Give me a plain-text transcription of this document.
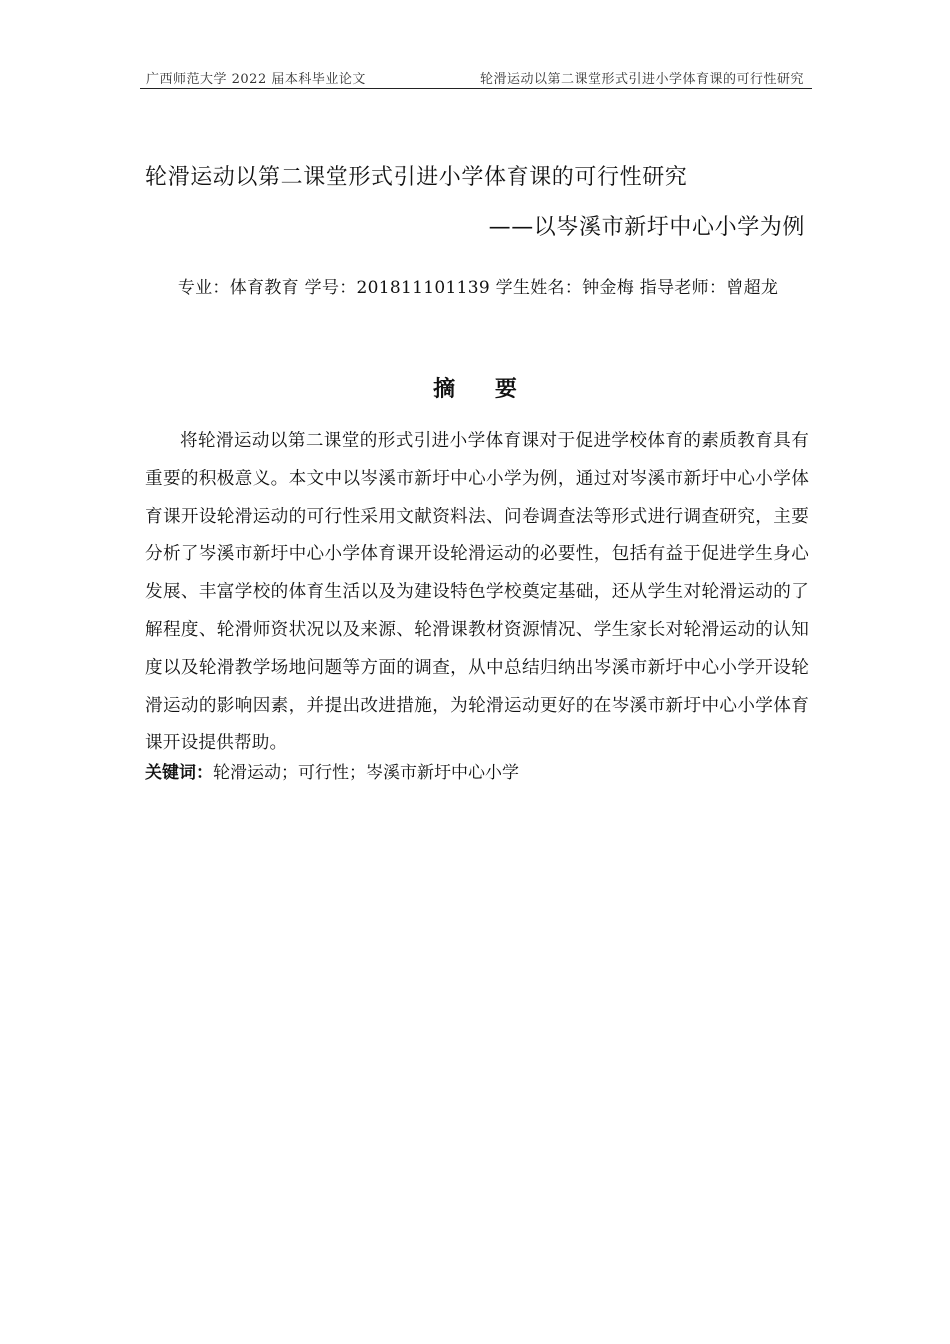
广西师范大学 2022 届本科毕业论文	轮滑运动以第二课堂形式引进小学体育课的可行性研究
轮滑运动以第二课堂形式引进小学体育课的可行性研究
——以岑溪市新圩中心小学为例
专业：体育教育 学号：201811101139 学生姓名：钟金梅 指导老师：曾超龙
摘 要
将轮滑运动以第二课堂的形式引进小学体育课对于促进学校体育的素质教育具有重要的积极意义。本文中以岑溪市新圩中心小学为例，通过对岑溪市新圩中心小学体育课开设轮滑运动的可行性采用文献资料法、问卷调查法等形式进行调查研究，主要分析了岑溪市新圩中心小学体育课开设轮滑运动的必要性，包括有益于促进学生身心发展、丰富学校的体育生活以及为建设特色学校奠定基础，还从学生对轮滑运动的了解程度、轮滑师资状况以及来源、轮滑课教材资源情况、学生家长对轮滑运动的认知度以及轮滑教学场地问题等方面的调查，从中总结归纳出岑溪市新圩中心小学开设轮滑运动的影响因素，并提出改进措施，为轮滑运动更好的在岑溪市新圩中心小学体育课开设提供帮助。
关键词：轮滑运动；可行性；岑溪市新圩中心小学
